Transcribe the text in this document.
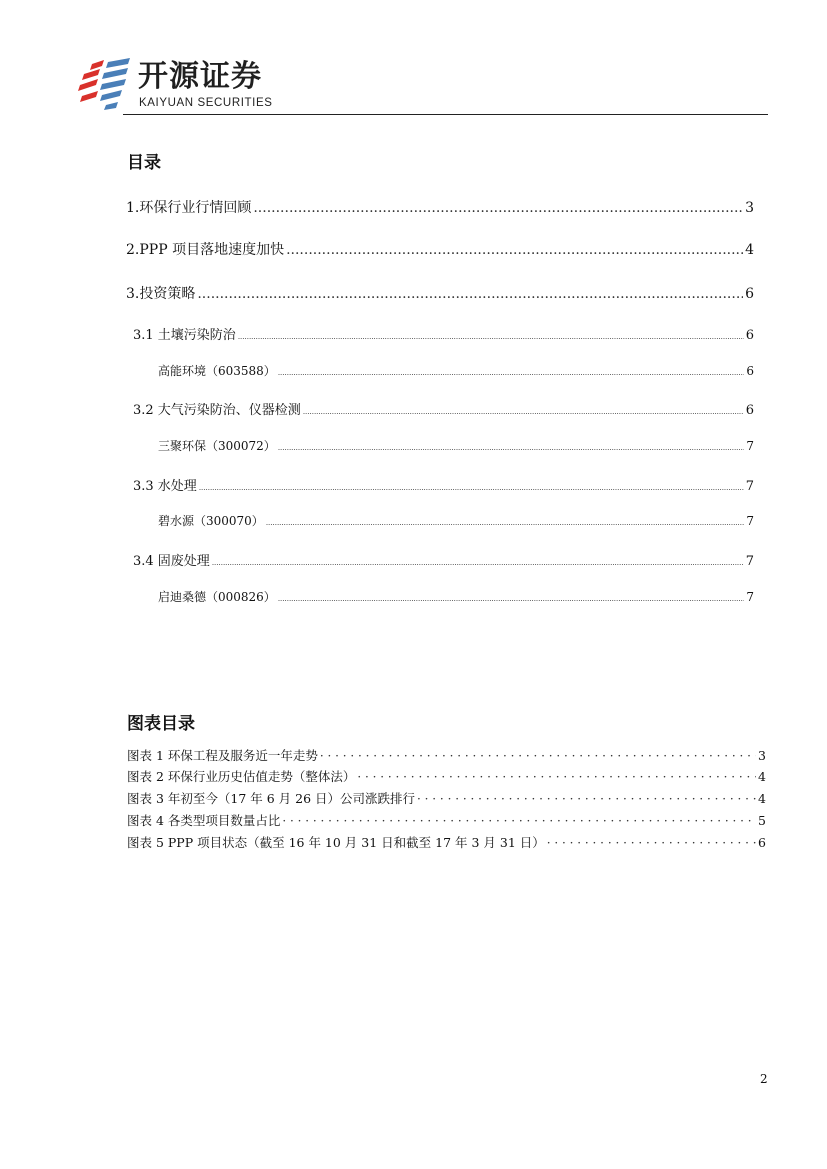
开源证券
KAIYUAN SECURITIES
目录
1.环保行业行情回顾 .....	3
2.PPP 项目落地速度加快 .....	4
3.投资策略 .....	6
3.1 土壤污染防治 .....	6
高能环境（603588） .....	6
3.2 大气污染防治、仪器检测 .....	6
三聚环保（300072） .....	7
3.3 水处理 .....	7
碧水源（300070） .....	7
3.4 固废处理 .....	7
启迪桑德（000826） .....	7
图表目录
图表 1 环保工程及服务近一年走势 · · ·	3
图表 2 环保行业历史估值走势（整体法） · · ·	4
图表 3 年初至今（17 年 6 月 26 日）公司涨跌排行 · · ·	4
图表 4 各类型项目数量占比 · · ·	5
图表 5 PPP 项目状态（截至 16 年 10 月 31 日和截至 17 年 3 月 31 日） · · ·	6
2
